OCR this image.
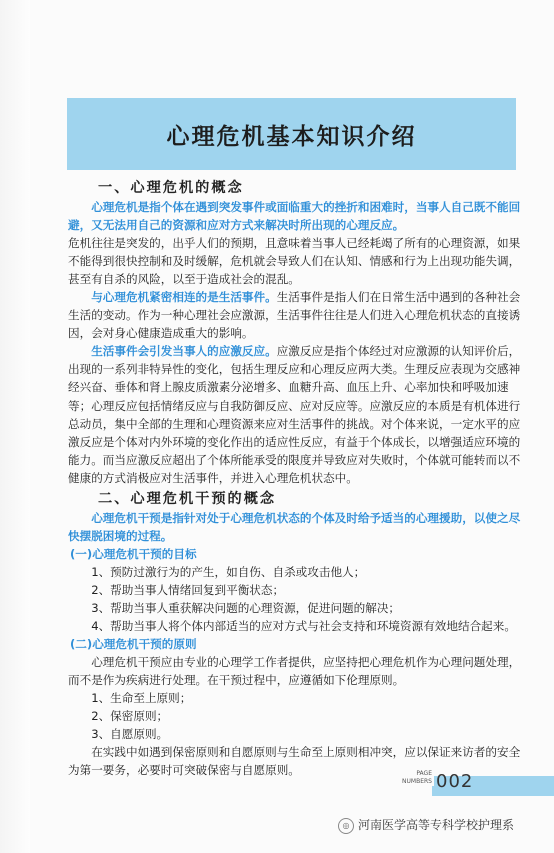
心理危机基本知识介绍

一、心理危机的概念

心理危机是指个体在遇到突发事件或面临重大的挫折和困难时，当事人自己既不能回避，又无法用自己的资源和应对方式来解决时所出现的心理反应。

危机往往是突发的，出乎人们的预期，且意味着当事人已经耗竭了所有的心理资源，如果不能得到很快控制和及时缓解，危机就会导致人们在认知、情感和行为上出现功能失调，甚至有自杀的风险，以至于造成社会的混乱。

与心理危机紧密相连的是生活事件。生活事件是指人们在日常生活中遇到的各种社会生活的变动。作为一种心理社会应激源，生活事件往往是人们进入心理危机状态的直接诱因，会对身心健康造成重大的影响。

生活事件会引发当事人的应激反应。应激反应是指个体经过对应激源的认知评价后，出现的一系列非特异性的变化，包括生理反应和心理反应两大类。生理反应表现为交感神经兴奋、垂体和肾上腺皮质激素分泌增多、血糖升高、血压上升、心率加快和呼吸加速等；心理反应包括情绪反应与自我防御反应、应对反应等。应激反应的本质是有机体进行总动员，集中全部的生理和心理资源来应对生活事件的挑战。对个体来说，一定水平的应激反应是个体对内外环境的变化作出的适应性反应，有益于个体成长，以增强适应环境的能力。而当应激反应超出了个体所能承受的限度并导致应对失败时，个体就可能转而以不健康的方式消极应对生活事件，并进入心理危机状态中。

二、心理危机干预的概念

心理危机干预是指针对处于心理危机状态的个体及时给予适当的心理援助，以使之尽快摆脱困境的过程。

(一)心理危机干预的目标

1、预防过激行为的产生，如自伤、自杀或攻击他人；

2、帮助当事人情绪回复到平衡状态；

3、帮助当事人重获解决问题的心理资源，促进问题的解决；

4、帮助当事人将个体内部适当的应对方式与社会支持和环境资源有效地结合起来。

(二)心理危机干预的原则

心理危机干预应由专业的心理学工作者提供，应坚持把心理危机作为心理问题处理，而不是作为疾病进行处理。在干预过程中，应遵循如下伦理原则。

1、生命至上原则；

2、保密原则；

3、自愿原则。

在实践中如遇到保密原则和自愿原则与生命至上原则相冲突，应以保证来访者的安全为第一要务，必要时可突破保密与自愿原则。	PAGE
NUMBERS 002
◎ 河南医学高等专科学校护理系
